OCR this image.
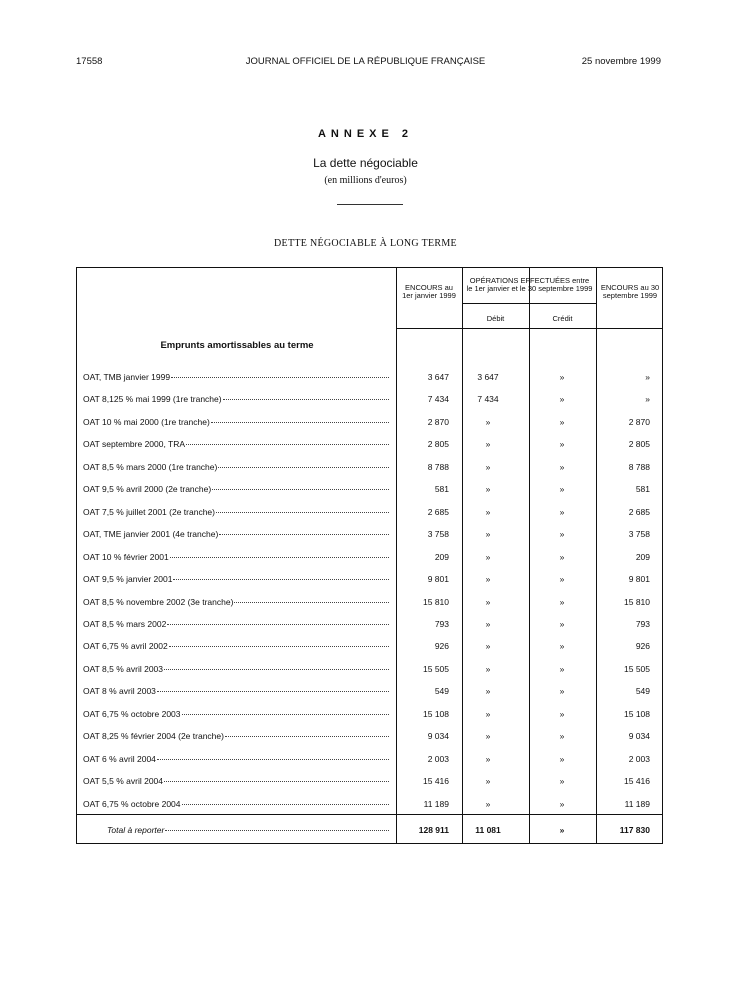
17558	JOURNAL OFFICIEL DE LA RÉPUBLIQUE FRANÇAISE	25 novembre 1999
ANNEXE 2
La dette négociable
(en millions d'euros)
DETTE NÉGOCIABLE À LONG TERME
ENCOURS au 1er janvier 1999
OPÉRATIONS EFFECTUÉES entre le 1er janvier et le 30 septembre 1999
Débit	Crédit
ENCOURS au 30 septembre 1999
Emprunts amortissables au terme
OAT, TMB janvier 1999	3 647	3 647	»	»
OAT 8,125 % mai 1999 (1re tranche)	7 434	7 434	»	»
OAT 10 % mai 2000 (1re tranche)	2 870	»	»	2 870
OAT septembre 2000, TRA	2 805	»	»	2 805
OAT 8,5 % mars 2000 (1re tranche)	8 788	»	»	8 788
OAT 9,5 % avril 2000 (2e tranche)	581	»	»	581
OAT 7,5 % juillet 2001 (2e tranche)	2 685	»	»	2 685
OAT, TME janvier 2001 (4e tranche)	3 758	»	»	3 758
OAT 10 % février 2001	209	»	»	209
OAT 9,5 % janvier 2001	9 801	»	»	9 801
OAT 8,5 % novembre 2002 (3e tranche)	15 810	»	»	15 810
OAT 8,5 % mars 2002	793	»	»	793
OAT 6,75 % avril 2002	926	»	»	926
OAT 8,5 % avril 2003	15 505	»	»	15 505
OAT 8 % avril 2003	549	»	»	549
OAT 6,75 % octobre 2003	15 108	»	»	15 108
OAT 8,25 % février 2004 (2e tranche)	9 034	»	»	9 034
OAT 6 % avril 2004	2 003	»	»	2 003
OAT 5,5 % avril 2004	15 416	»	»	15 416
OAT 6,75 % octobre 2004	11 189	»	»	11 189
Total à reporter	128 911	11 081	»	117 830
